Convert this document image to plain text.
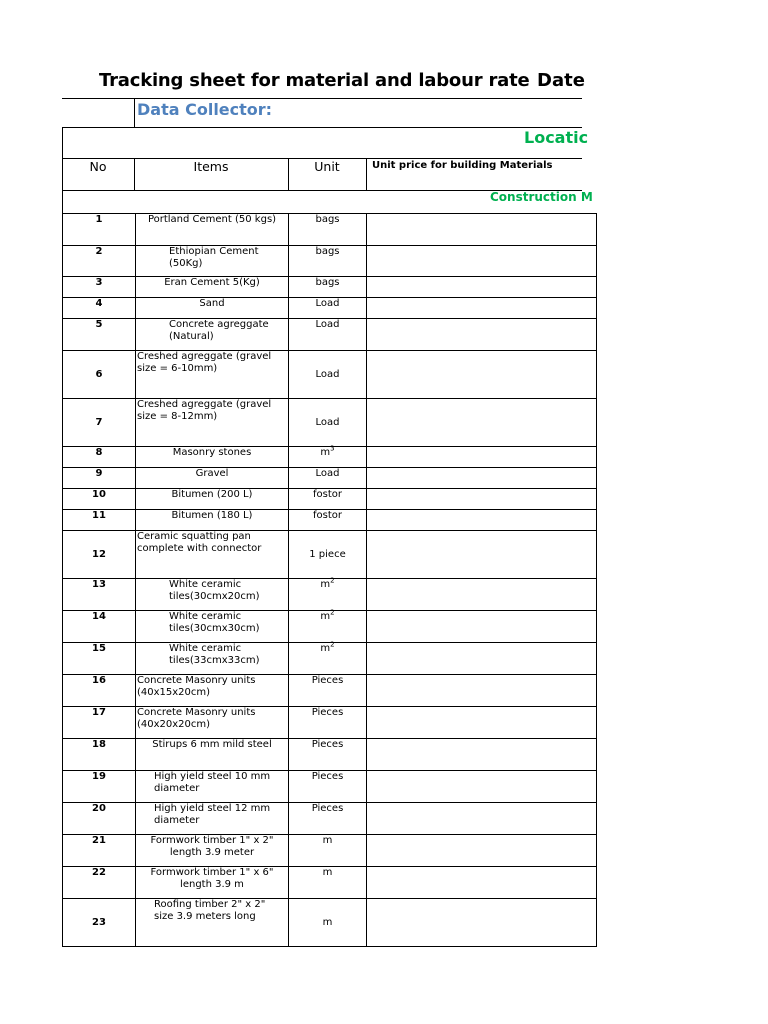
Tracking sheet for material and labour rate Date
Data Collector:
Locatic
No	Items	Unit	Unit price for building Materials
Construction M
1	Portland Cement (50 kgs)	bags	
2	Ethiopian Cement (50Kg)	bags	
3	Eran Cement 5(Kg)	bags	
4	Sand	Load	
5	Concrete agreggate (Natural)	Load	
6	Creshed agreggate (gravel size = 6-10mm)	Load	
7	Creshed agreggate (gravel size = 8-12mm)	Load	
8	Masonry stones	$m^3$	
9	Gravel	Load	
10	Bitumen (200 L)	fostor	
11	Bitumen (180 L)	fostor	
12	Ceramic squatting pan complete with connector	1 piece	
13	White ceramic tiles(30cmx20cm)	$m^2$	
14	White ceramic tiles(30cmx30cm)	$m^2$	
15	White ceramic tiles(33cmx33cm)	$m^2$	
16	Concrete Masonry units (40x15x20cm)	Pieces	
17	Concrete Masonry units (40x20x20cm)	Pieces	
18	Stirups 6 mm mild steel	Pieces	
19	High yield steel 10 mm diameter	Pieces	
20	High yield steel 12 mm diameter	Pieces	
21	Formwork timber 1" x 2" length 3.9 meter	m	
22	Formwork timber 1" x 6" length 3.9 m	m	
23	Roofing timber 2" x 2" size 3.9 meters long	m	
